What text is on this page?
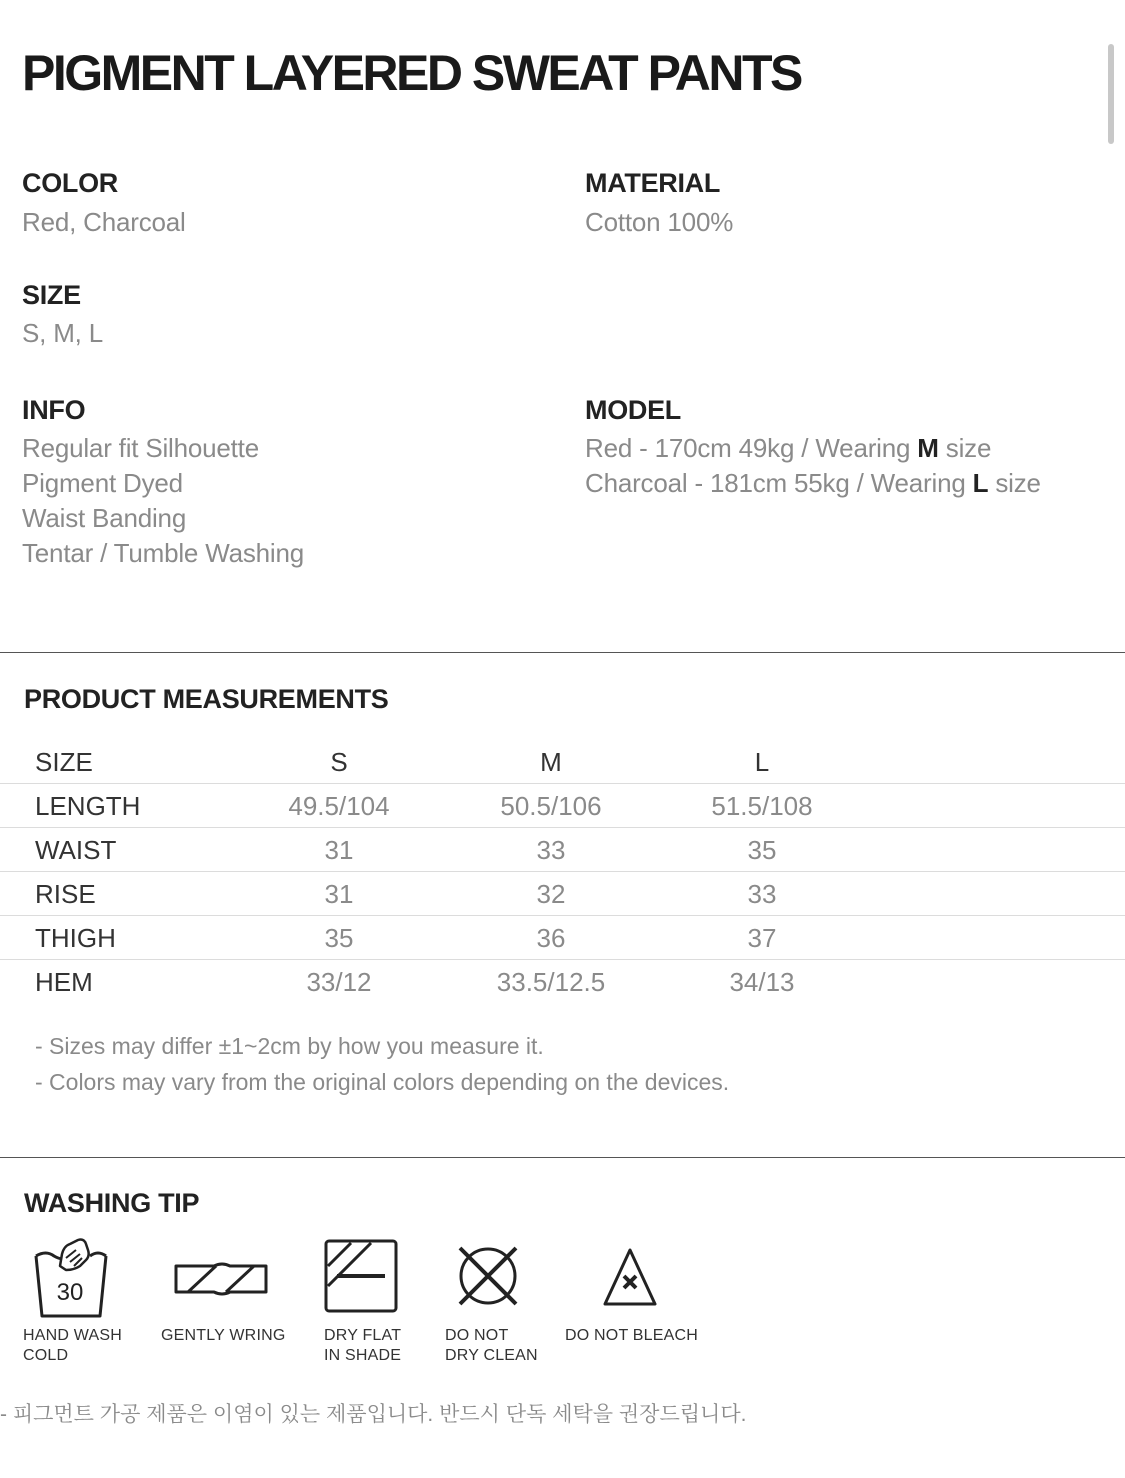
PIGMENT LAYERED SWEAT PANTS
COLOR
Red, Charcoal
MATERIAL
Cotton 100%
SIZE
S, M, L
INFO
Regular fit Silhouette
Pigment Dyed
Waist Banding
Tentar / Tumble Washing
MODEL
Red - 170cm 49kg / Wearing M size
Charcoal - 181cm 55kg / Wearing L size
PRODUCT MEASUREMENTS
SIZE	S	M	L
LENGTH	49.5/104	50.5/106	51.5/108
WAIST	31	33	35
RISE	31	32	33
THIGH	35	36	37
HEM	33/12	33.5/12.5	34/13
- Sizes may differ ±1~2cm by how you measure it.
- Colors may vary from the original colors depending on the devices.
WASHING TIP
30
HAND WASH
COLD
GENTLY WRING DRY FLAT
IN SHADE
DO NOT
DRY CLEAN
DO NOT BLEACH
- 피그먼트 가공 제품은 이염이 있는 제품입니다. 반드시 단독 세탁을 권장드립니다.
